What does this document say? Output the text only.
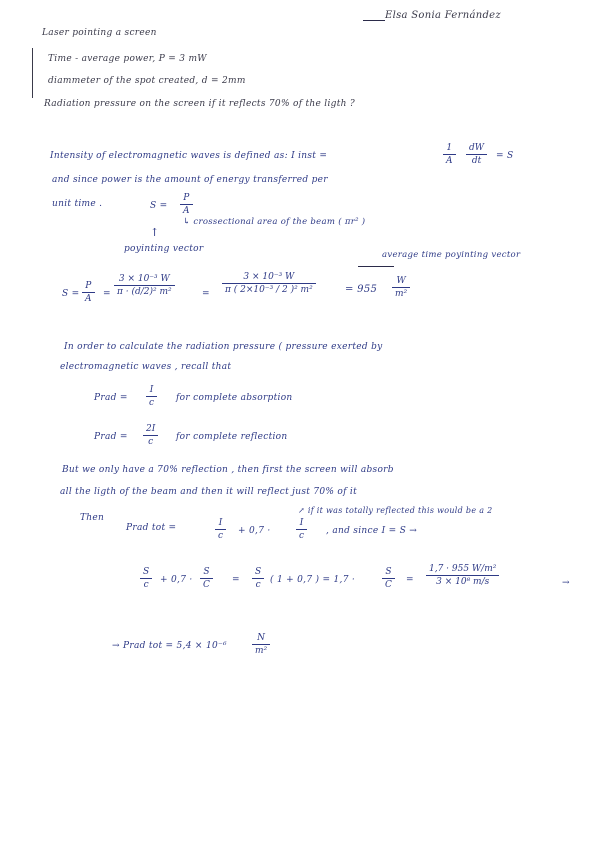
Elsa Sonia Fernández
Laser pointing a screen
Time - average power, P = 3 mW
diammeter of the spot created, d = 2mm
Radiation pressure on the screen if it reflects 70% of the ligth ?
Intensity of electromagnetic waves is defined as: I inst =
1
A
dW
dt	= S
and since power is the amount of energy transferred per
unit time .	S =
P
A
↳ crossectional area of the beam ( πr² )
↑
poyinting vector
average time poyinting vector
S =
P
A	=
3 × 10⁻³ W
π · (d/2)² m²	=
3 × 10⁻³ W
π ( 2×10⁻³ / 2 )² m²	= 955
W
m²
In order to calculate the radiation pressure ( pressure exerted by
electromagnetic waves , recall that
Prad =
I
c	for complete absorption
Prad =
2I
c	for complete reflection
But we only have a 70% reflection , then first the screen will absorb
all the ligth of the beam and then it will reflect just 70% of it
↗ if it was totally reflected this would be a 2
Then
Prad tot =	I
c	+ 0,7 ·
I
c	, and since I = S →
S
c	+ 0,7 ·
S
C	=
S
c	( 1 + 0,7 ) = 1,7 ·
S
C	=
1,7 · 955 W/m²
3 × 10⁸ m/s	→
→ Prad tot = 5,4 × 10⁻⁶
N
m²
